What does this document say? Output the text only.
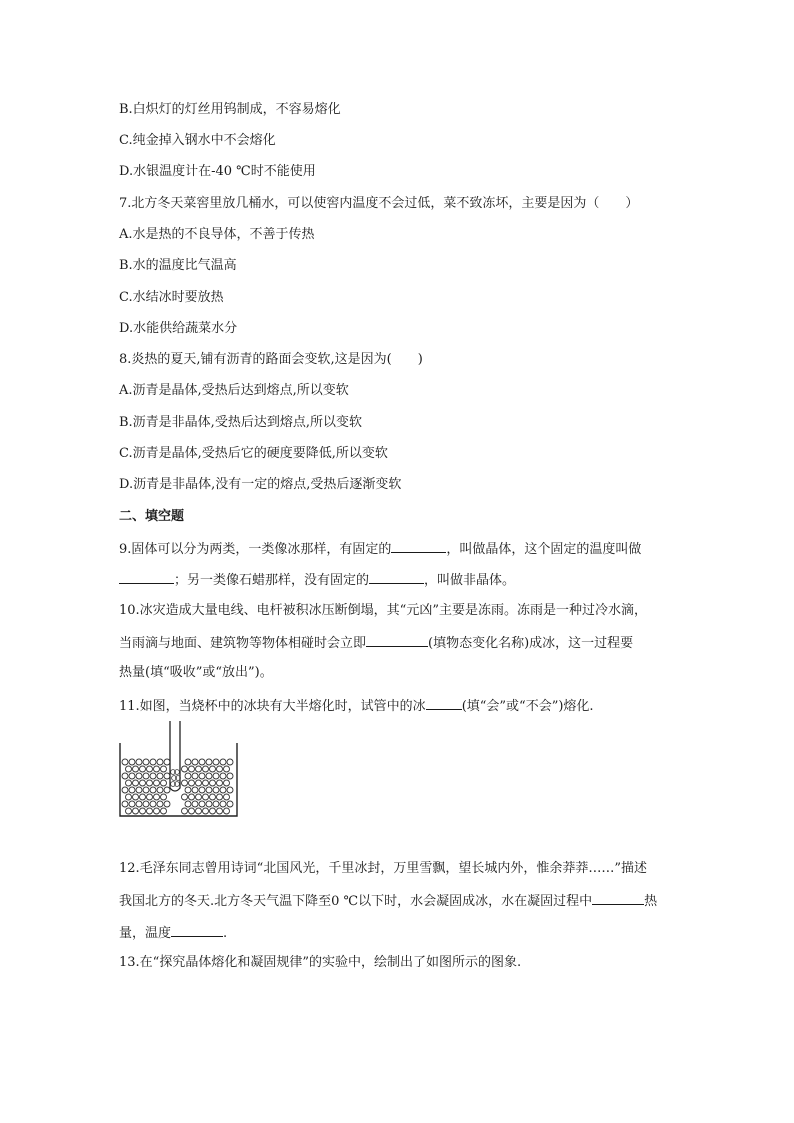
B.白炽灯的灯丝用钨制成，不容易熔化
C.纯金掉入钢水中不会熔化
D.水银温度计在-40 ℃时不能使用
7.北方冬天菜窖里放几桶水，可以使窖内温度不会过低，菜不致冻坏，主要是因为（　　）
A.水是热的不良导体，不善于传热
B.水的温度比气温高
C.水结冰时要放热
D.水能供给蔬菜水分
8.炎热的夏天,铺有沥青的路面会变软,这是因为(　　)
A.沥青是晶体,受热后达到熔点,所以变软
B.沥青是非晶体,受热后达到熔点,所以变软
C.沥青是晶体,受热后它的硬度要降低,所以变软
D.沥青是非晶体,没有一定的熔点,受热后逐渐变软
二、填空题
9.固体可以分为两类，一类像冰那样，有固定的	，叫做晶体，这个固定的温度叫做
；另一类像石蜡那样，没有固定的	，叫做非晶体。
10.冰灾造成大量电线、电杆被积冰压断倒塌，其“元凶”主要是冻雨。冻雨是一种过冷水滴，
当雨滴与地面、建筑物等物体相碰时会立即	(填物态变化名称)成冰，这一过程要
热量(填“吸收”或“放出”)。
11.如图，当烧杯中的冰块有大半熔化时，试管中的冰	(填“会”或“不会”)熔化.
12.毛泽东同志曾用诗词“北国风光，千里冰封，万里雪飘，望长城内外，惟余莽莽……”描述
我国北方的冬天.北方冬天气温下降至0 ℃以下时，水会凝固成冰，水在凝固过程中	热
量，温度	.
13.在“探究晶体熔化和凝固规律”的实验中，绘制出了如图所示的图象.
